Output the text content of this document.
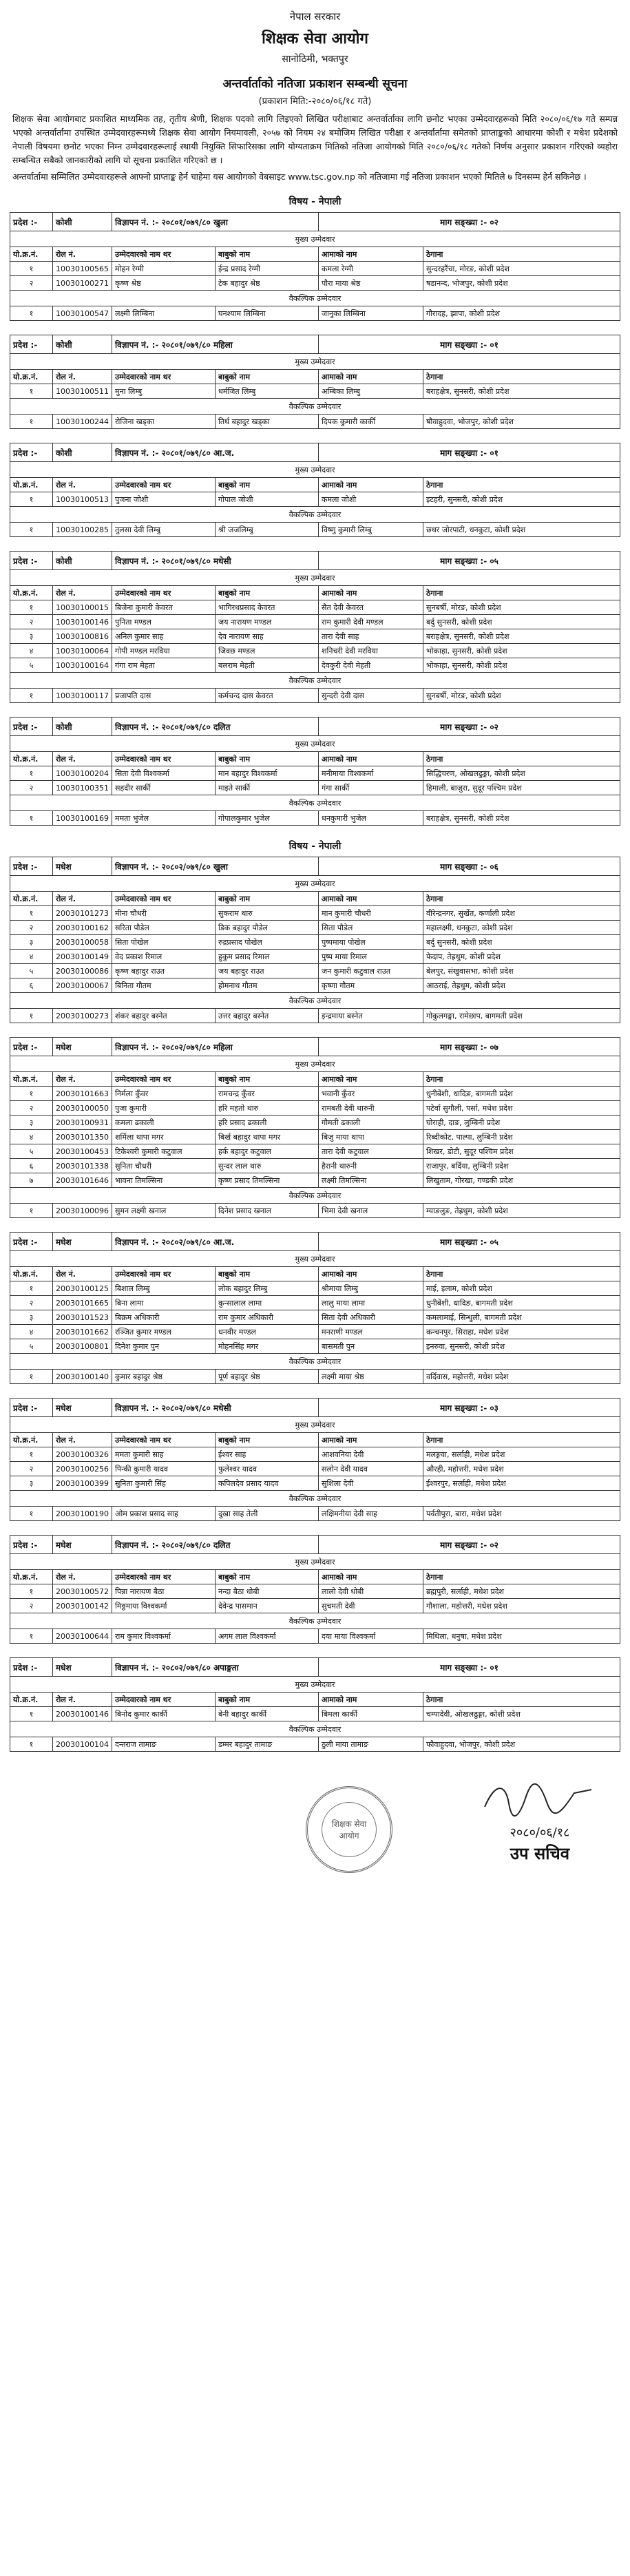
नेपाल सरकार
शिक्षक सेवा आयोग
सानोठिमी, भक्तपुर
अन्तर्वार्ताको नतिजा प्रकाशन सम्बन्धी सूचना
(प्रकाशन मिति:-२०८०/०६/१८ गते)

शिक्षक सेवा आयोगबाट प्रकाशित माध्यमिक तह, तृतीय श्रेणी, शिक्षक पदको लागि लिइएको लिखित परीक्षाबाट अन्तर्वार्ताका लागि छनोट भएका उम्मेदवारहरूको मिति २०८०/०६/१७ गते सम्पन्न भएको अन्तर्वार्तामा उपस्थित उम्मेदवारहरूमध्ये शिक्षक सेवा आयोग नियमावली, २०५७ को नियम २४ बमोजिम लिखित परीक्षा र अन्तर्वार्तामा समेतको प्राप्ताङ्कको आधारमा कोशी र मधेश प्रदेशको नेपाली विषयमा छनोट भएका निम्न उम्मेदवारहरूलाई स्थायी नियुक्ति सिफारिसका लागि योग्यताक्रम मितिको नतिजा आयोगको मिति २०८०/०६/१८ गतेको निर्णय अनुसार प्रकाशन गरिएको व्यहोरा सम्बन्धित सबैको जानकारीको लागि यो सूचना प्रकाशित गरिएको छ ।

अन्तर्वार्तामा सम्मिलित उम्मेदवारहरूले आफ्नो प्राप्ताङ्क हेर्न चाहेमा यस आयोगको वेबसाइट www.tsc.gov.np को नतिजामा गई नतिजा प्रकाशन भएको मितिले ७ दिनसम्म हेर्न सकिनेछ ।

विषय - नेपाली
प्रदेश :-	कोशी	विज्ञापन नं. :- २०८०१/०७९/८० खुला		माग सङ्ख्या :- ०२	
मुख्य उम्मेदवार					
यो.क्र.नं.	रोल नं.	उम्मेदवारको नाम थर	बाबुको नाम	आमाको नाम	ठेगाना
१	10030100565	मोहन रेग्मी	ईन्द्र प्रसाद रेग्मी	कमला रेग्मी	सुन्दरहरैंचा, मोरङ, कोशी प्रदेश
२	10030100271	कृष्ण श्रेष्ठ	टेक बहादुर श्रेष्ठ	पौरा माया श्रेष्ठ	षडानन्द, भोजपुर, कोशी प्रदेश
वैकल्पिक उम्मेदवार					
१	10030100547	लक्ष्मी लिम्बिना	घनश्याम लिम्बिना	जानुका लिम्बिना	गौरादह, झापा, कोशी प्रदेश
प्रदेश :-	कोशी	विज्ञापन नं. :- २०८०१/०७९/८० महिला		माग सङ्ख्या :- ०१	
मुख्य उम्मेदवार					
यो.क्र.नं.	रोल नं.	उम्मेदवारको नाम थर	बाबुको नाम	आमाको नाम	ठेगाना
१	10030100511	मुना लिम्बु	धर्मजित लिम्बु	अम्बिका लिम्बु	बराहक्षेत्र, सुनसरी, कोशी प्रदेश
वैकल्पिक उम्मेदवार					
१	10030100244	रोजिना खड्का	तिर्थ बहादुर खड्का	दिपक कुमारी कार्की	षौवाहुदवा, भोजपुर, कोशी प्रदेश
प्रदेश :-	कोशी	विज्ञापन नं. :- २०८०१/०७९/८० आ.ज.		माग सङ्ख्या :- ०१	
मुख्य उम्मेदवार					
यो.क्र.नं.	रोल नं.	उम्मेदवारको नाम थर	बाबुको नाम	आमाको नाम	ठेगाना
१	10030100513	पुजना जोशी	गोपाल जोशी	कमला जोशी	इटहरी, सुनसरी, कोशी प्रदेश
वैकल्पिक उम्मेदवार					
१	10030100285	तुलसा देवी लिम्बु	श्री जजलिम्बु	विष्णु कुमारी लिम्बु	छथर जोरपाटी, धनकुटा, कोशी प्रदेश
प्रदेश :-	कोशी	विज्ञापन नं. :- २०८०१/०७९/८० मधेसी		माग सङ्ख्या :- ०५	
मुख्य उम्मेदवार					
यो.क्र.नं.	रोल नं.	उम्मेदवारको नाम थर	बाबुको नाम	आमाको नाम	ठेगाना
१	10030100015	बिजेना कुमारी केवरत	भागिरथप्रसाद केवरत	सैत देवी केवरत	सुनबर्षी, मोरङ, कोशी प्रदेश
२	10030100146	पुनिता मण्डल	जय नारायण मण्डल	राम कुमारी देवी मण्डल	बर्दु सुनसरी, कोशी प्रदेश
३	10030100816	अनिल कुमार साह	देव नारायण साह	तारा देवी साह	बराहक्षेत्र, सुनसरी, कोशी प्रदेश
४	10030100064	गोपी मण्डल मरविया	जिवछ मण्डल	शनिचरी देवी मरविया	भोकाहा, सुनसरी, कोशी प्रदेश
५	10030100164	गंगा राम मेहता	बलराम मेहती	देवकुरी देवी मेहती	भोकाहा, सुनसरी, कोशी प्रदेश
वैकल्पिक उम्मेदवार					
१	10030100117	प्रजापति दास	कर्मचन्द दास केवरत	सुन्दरी देवी दास	सुनबर्षी, मोरङ, कोशी प्रदेश
प्रदेश :-	कोशी	विज्ञापन नं. :- २०८०१/०७९/८० दलित		माग सङ्ख्या :- ०२	
मुख्य उम्मेदवार					
यो.क्र.नं.	रोल नं.	उम्मेदवारको नाम थर	बाबुको नाम	आमाको नाम	ठेगाना
१	10030100204	सिता देवी विश्वकर्मा	मान बहादुर विश्वकर्मा	मनीमाया विश्वकर्मा	सिद्धिचरण, ओखलढुङ्गा, कोशी प्रदेश
२	10030100351	सहदीर सार्की	माइते सार्की	गंगा सार्की	हिमाली, बाजुरा, सुदूर पश्चिम प्रदेश
वैकल्पिक उम्मेदवार					
१	10030100169	ममता भुजेल	गोपालकुमार भुजेल	धनकुमारी भुजेल	बराहक्षेत्र, सुनसरी, कोशी प्रदेश
विषय - नेपाली
प्रदेश :-	मधेश	विज्ञापन नं. :- २०८०२/०७९/८० खुला		माग सङ्ख्या :- ०६	
मुख्य उम्मेदवार					
यो.क्र.नं.	रोल नं.	उम्मेदवारको नाम थर	बाबुको नाम	आमाको नाम	ठेगाना
१	20030101273	मीना चौधरी	सुकराम थारु	मान कुमारी चौधरी	वीरेन्द्रनगर, सुर्खेत, कर्णाली प्रदेश
२	20030100162	सरिता पौडेल	डिक बहादुर पौडेल	सिता पौडेल	महालक्ष्मी, धनकुटा, कोशी प्रदेश
३	20030100058	सिता पोखेल	रुद्रप्रसाद पोखेल	पुष्पमाया पोखेल	बर्दु सुनसरी, कोशी प्रदेश
४	20030100149	वेद प्रकाश रिमाल	हुकुम प्रसाद रिमाल	पुष्प माया रिमाल	फेदाप, तेह्रथुम, कोशी प्रदेश
५	20030100086	कृष्ण बहादुर राउत	जय बहादुर राउत	जन कुमारी कटुवाल राउत	बेलपुर, संखुवासभा, कोशी प्रदेश
६	20030100067	बिनिता गौतम	होमनाथ गौतम	कृष्णा गौतम	आठराई, तेह्रथुम, कोशी प्रदेश
वैकल्पिक उम्मेदवार					
१	20030100273	शंकर बहादुर बस्नेत	उत्तर बहादुर बस्नेत	इन्द्रमाया बस्नेत	गोकुलगङ्गा, रामेछाप, बागमती प्रदेश
प्रदेश :-	मधेश	विज्ञापन नं. :- २०८०२/०७९/८० महिला		माग सङ्ख्या :- ०७	
मुख्य उम्मेदवार					
यो.क्र.नं.	रोल नं.	उम्मेदवारको नाम थर	बाबुको नाम	आमाको नाम	ठेगाना
१	20030101663	निर्मला कुँवर	रामचन्द्र कुँवर	भवानी कुँवर	धुनीबेंशी, धादिङ, बागमती प्रदेश
२	20030100050	पुजा कुमारी	हरि महतो थारु	रामबती देवी थारुनी	पटेर्वा सुगौली, पर्सा, मधेश प्रदेश
३	20030100931	कमला ढकाली	हरि प्रसाद ढकाली	गौमती ढकाली	घोराही, दाङ, लुम्बिनी प्रदेश
४	20030101350	शर्मिला थापा मगर	बिर्ख बहादुर थापा मगर	बिजु माया थापा	रिब्दीकोट, पाल्पा, लुम्बिनी प्रदेश
५	20030100453	टिकेश्वरी कुमारी कटुवाल	हर्क बहादुर कटुवाल	तारा देवी कटुवाल	शिखर, डोटी, सुदूर पश्चिम प्रदेश
६	20030101338	सुनिता चौधरी	सुन्दर लाल थारु	हैरानी थारुनी	राजापुर, बर्दिया, लुम्बिनी प्रदेश
७	20030101646	भावना तिमल्सिना	कृष्ण प्रसाद तिमल्सिना	लक्ष्मी तिमल्सिना	लिखुताम, गोरखा, गण्डकी प्रदेश
वैकल्पिक उम्मेदवार					
१	20030100096	सुमन लक्ष्मी खनाल	दिनेश प्रसाद खनाल	भिमा देवी खनाल	म्याङलुङ, तेह्रथुम, कोशी प्रदेश
प्रदेश :-	मधेश	विज्ञापन नं. :- २०८०२/०७९/८० आ.ज.		माग सङ्ख्या :- ०५	
मुख्य उम्मेदवार					
यो.क्र.नं.	रोल नं.	उम्मेदवारको नाम थर	बाबुको नाम	आमाको नाम	ठेगाना
१	20030100125	बिशाल लिम्बु	लोक बहादुर लिम्बु	श्रीमाया लिम्बु	माई, इलाम, कोशी प्रदेश
२	20030101665	बिना लामा	कुन्सालाल लामा	लालु माया लामा	धुनीबेंशी, धादिङ, बागमती प्रदेश
३	20030101523	बिक्रम अधिकारी	राम कुमार अधिकारी	सिता देवी अधिकारी	कमलामाई, सिन्धुली, बागमती प्रदेश
४	20030101662	रञ्जित कुमार मण्डल	धनवीर मण्डल	मनराणी मण्डल	कन्चनपुर, सिराहा, मधेश प्रदेश
५	20030100801	दिनेश कुमार पुन	मोहनसिंह मगर	बासमती पुन	इनरुवा, सुनसरी, कोशी प्रदेश
वैकल्पिक उम्मेदवार					
१	20030100140	कुमार बहादुर श्रेष्ठ	पूर्ण बहादुर श्रेष्ठ	लक्ष्मी माया श्रेष्ठ	वर्दिवास, महोत्तरी, मधेश प्रदेश
प्रदेश :-	मधेश	विज्ञापन नं. :- २०८०२/०७९/८० मधेसी		माग सङ्ख्या :- ०३	
मुख्य उम्मेदवार					
यो.क्र.नं.	रोल नं.	उम्मेदवारको नाम थर	बाबुको नाम	आमाको नाम	ठेगाना
१	20030100326	ममता कुमारी साह	ईश्वर साह	आशवनिया देवी	मलङ्गवा, सर्लाही, मधेश प्रदेश
२	20030100256	पिन्की कुमारी यादव	फुलेश्वर यादव	सलोन देवी यादव	औरही, महोत्तरी, मधेश प्रदेश
३	20030100399	सुनिता कुमारी सिंह	कपिलदेव प्रसाद यादव	सुशिला देवी	ईश्वरपुर, सर्लाही, मधेश प्रदेश
वैकल्पिक उम्मेदवार					
१	20030100190	ओम प्रकाश प्रसाद साह	दुखा साह तेली	लक्षिमनीया देवी साह	पर्वतीपुरा, बारा, मधेश प्रदेश
प्रदेश :-	मधेश	विज्ञापन नं. :- २०८०२/०७९/८० दलित		माग सङ्ख्या :- ०२	
मुख्य उम्मेदवार					
यो.क्र.नं.	रोल नं.	उम्मेदवारको नाम थर	बाबुको नाम	आमाको नाम	ठेगाना
१	20030100572	पिन्ना नारायण बैठा	नन्दा बैठा धोबी	लालो देवी धोबी	ब्रह्मपुरी, सर्लाही, मधेश प्रदेश
२	20030100142	मिठ्ठमाया विश्वकर्मा	देवेन्द्र पासमान	सुचमती देवी	गौशाला, महोत्तरी, मधेश प्रदेश
वैकल्पिक उम्मेदवार					
१	20030100644	राम कुमार विश्वकर्मा	अगम लाल विश्वकर्मा	दया माया विश्वकर्मा	मिथिला, धनुषा, मधेश प्रदेश
प्रदेश :-	मधेश	विज्ञापन नं. :- २०८०२/०७९/८० अपाङ्गता		माग सङ्ख्या :- ०१	
मुख्य उम्मेदवार					
यो.क्र.नं.	रोल नं.	उम्मेदवारको नाम थर	बाबुको नाम	आमाको नाम	ठेगाना
१	20030100146	बिनोद कुमार कार्की	बेनी बहादुर कार्की	बिमला कार्की	चम्पादेवी, ओखलढुङ्गा, कोशी प्रदेश
वैकल्पिक उम्मेदवार					
१	20030100104	दन्तराज तामाङ	डम्मर बहादुर तामाङ	ठुली माया तामाङ	फौवाहुदवा, भोजपुर, कोशी प्रदेश
शिक्षक सेवा आयोग	२०८०/०६/१८
उप सचिव
